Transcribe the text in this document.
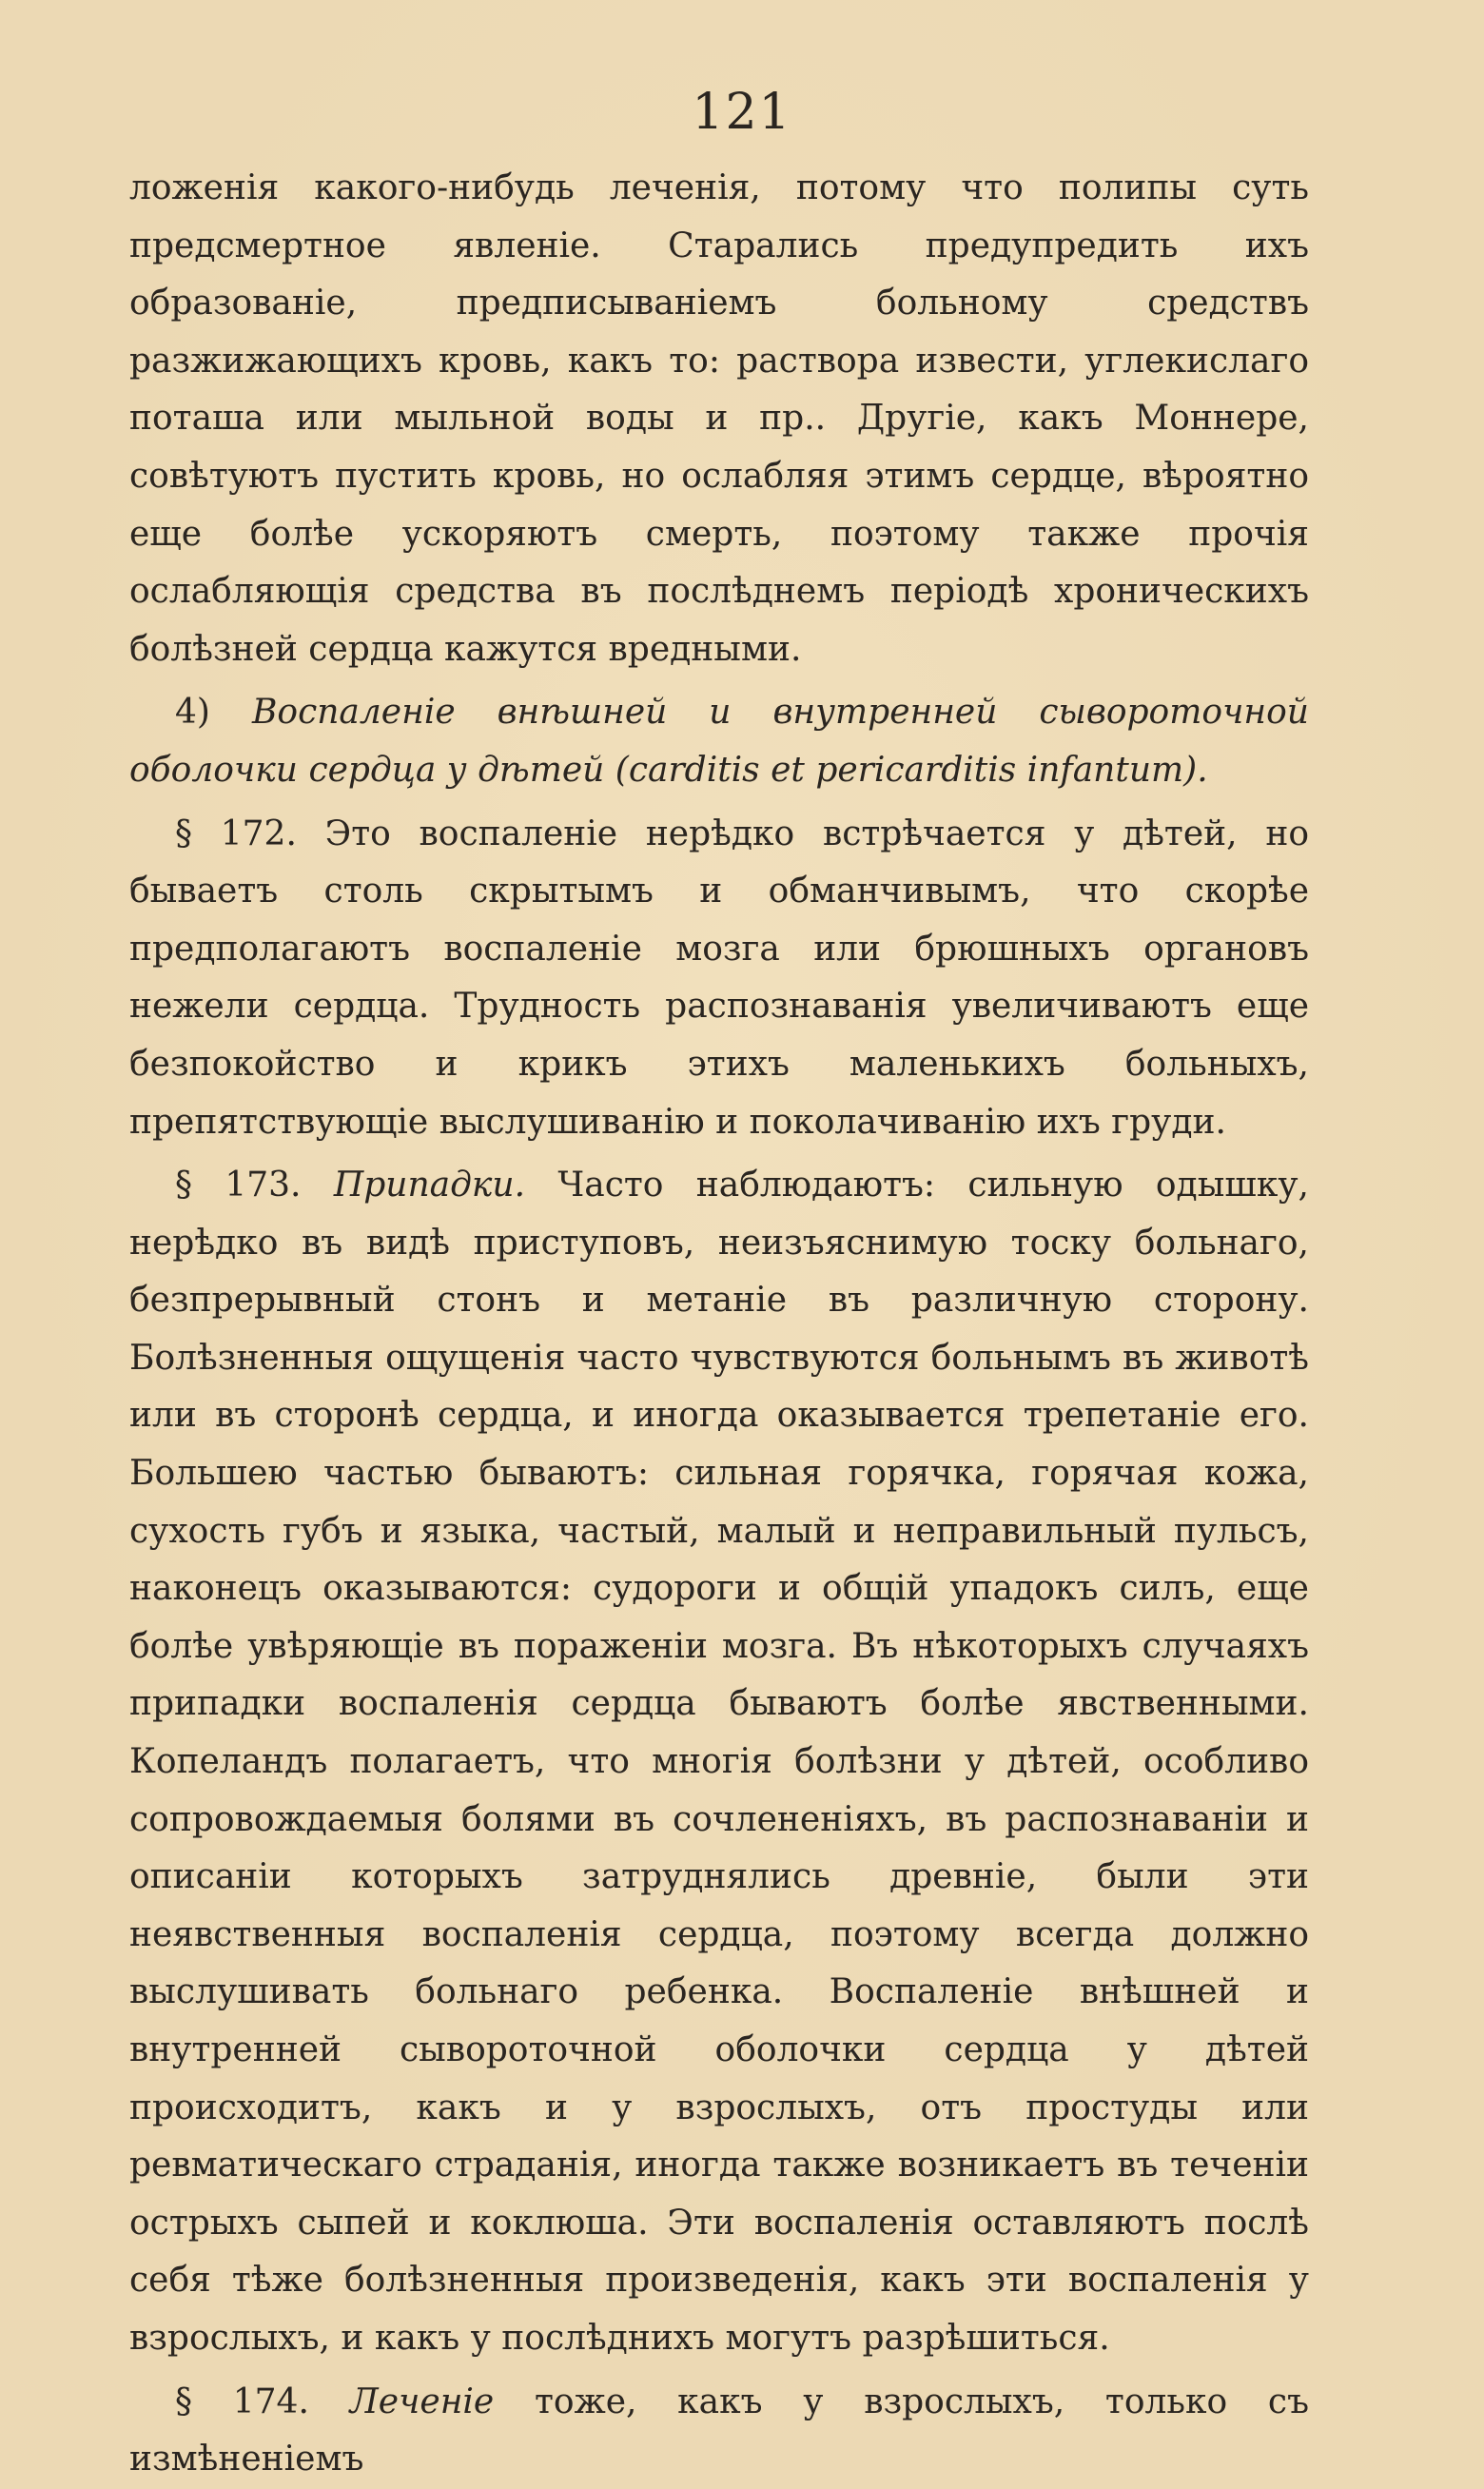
121

ложенія какого-нибудь леченія, потому что полипы суть предсмертное явленіе. Старались предупредить ихъ образованіе, предписываніемъ больному средствъ разжижающихъ кровь, какъ то: раствора извести, углекислаго поташа или мыльной воды и пр.. Другіе, какъ Моннере, совѣтуютъ пустить кровь, но ослабляя этимъ сердце, вѣроятно еще болѣе ускоряютъ смерть, поэтому также прочія ослабляющія средства въ послѣднемъ періодѣ хроническихъ болѣзней сердца кажутся вредными.

4) Воспаленіе внѣшней и внутренней сывороточной оболочки сердца у дѣтей (carditis et pericarditis infantum).

§ 172. Это воспаленіе нерѣдко встрѣчается у дѣтей, но бываетъ столь скрытымъ и обманчивымъ, что скорѣе предполагаютъ воспаленіе мозга или брюшныхъ органовъ нежели сердца. Трудность распознаванія увеличиваютъ еще безпокойство и крикъ этихъ маленькихъ больныхъ, препятствующіе выслушиванію и поколачиванію ихъ груди.

§ 173. Припадки. Часто наблюдаютъ: сильную одышку, нерѣдко въ видѣ приступовъ, неизъяснимую тоску больнаго, безпрерывный стонъ и метаніе въ различную сторону. Болѣзненныя ощущенія часто чувствуются больнымъ въ животѣ или въ сторонѣ сердца, и иногда оказывается трепетаніе его. Большею частью бываютъ: сильная горячка, горячая кожа, сухость губъ и языка, частый, малый и неправильный пульсъ, наконецъ оказываются: судороги и общій упадокъ силъ, еще болѣе увѣряющіе въ пораженіи мозга. Въ нѣкоторыхъ случаяхъ припадки воспаленія сердца бываютъ болѣе явственными. Копеландъ полагаетъ, что многія болѣзни у дѣтей, особливо сопровождаемыя болями въ сочлененіяхъ, въ распознаваніи и описаніи которыхъ затруднялись древніе, были эти неявственныя воспаленія сердца, поэтому всегда должно выслушивать больнаго ребенка. Воспаленіе внѣшней и внутренней сывороточной оболочки сердца у дѣтей происходитъ, какъ и у взрослыхъ, отъ простуды или ревматическаго страданія, иногда также возникаетъ въ теченіи острыхъ сыпей и коклюша. Эти воспаленія оставляютъ послѣ себя тѣже болѣзненныя произведенія, какъ эти воспаленія у взрослыхъ, и какъ у послѣднихъ могутъ разрѣшиться.

§ 174. Леченіе тоже, какъ у взрослыхъ, только съ измѣненіемъ
